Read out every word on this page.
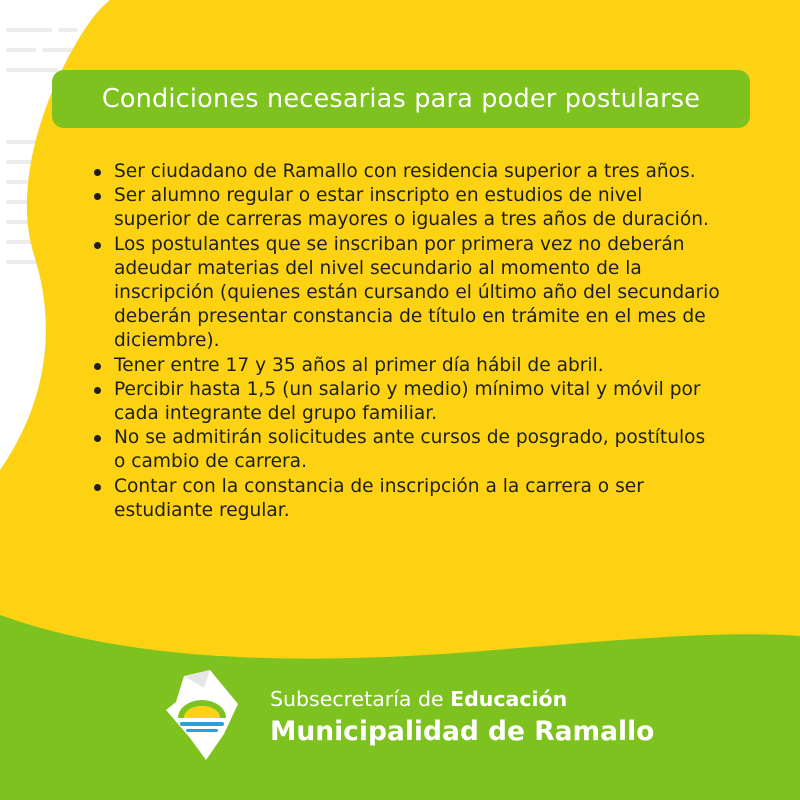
Condiciones necesarias para poder postularse
Ser ciudadano de Ramallo con residencia superior a tres años.
Ser alumno regular o estar inscripto en estudios de nivel superior de carreras mayores o iguales a tres años de duración.
Los postulantes que se inscriban por primera vez no deberán adeudar materias del nivel secundario al momento de la inscripción (quienes están cursando el último año del secundario deberán presentar constancia de título en trámite en el mes de diciembre).
Tener entre 17 y 35 años al primer día hábil de abril.
Percibir hasta 1,5 (un salario y medio) mínimo vital y móvil por cada integrante del grupo familiar.
No se admitirán solicitudes ante cursos de posgrado, postítulos o cambio de carrera.
Contar con la constancia de inscripción a la carrera o ser estudiante regular.
Subsecretaría de Educación
Municipalidad de Ramallo
